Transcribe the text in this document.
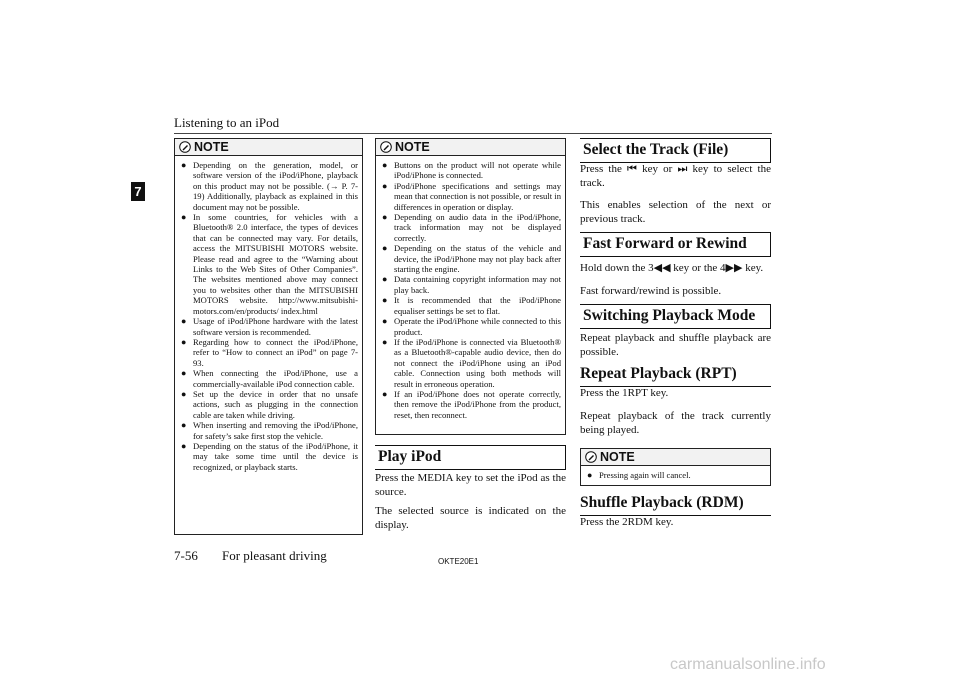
Listening to an iPod
7
NOTE
● Depending on the generation, model, or software version of the iPod/iPhone, playback on this product may not be possible. (→ P. 7-19) Additionally, playback as explained in this document may not be possible.
● In some countries, for vehicles with a Bluetooth® 2.0 interface, the types of devices that can be connected may vary. For details, access the MITSUBISHI MOTORS website. Please read and agree to the “Warning about Links to the Web Sites of Other Companies”. The websites mentioned above may connect you to websites other than the MITSUBISHI MOTORS website. http://www.mitsubishi-motors.com/en/products/ index.html
● Usage of iPod/iPhone hardware with the latest software version is recommended.
● Regarding how to connect the iPod/iPhone, refer to “How to connect an iPod” on page 7-93.
● When connecting the iPod/iPhone, use a commercially-available iPod connection cable.
● Set up the device in order that no unsafe actions, such as plugging in the connection cable are taken while driving.
● When inserting and removing the iPod/iPhone, for safety’s sake first stop the vehicle.
● Depending on the status of the iPod/iPhone, it may take some time until the device is recognized, or playback starts.
NOTE
● Buttons on the product will not operate while iPod/iPhone is connected.
● iPod/iPhone specifications and settings may mean that connection is not possible, or result in differences in operation or display.
● Depending on audio data in the iPod/iPhone, track information may not be displayed correctly.
● Depending on the status of the vehicle and device, the iPod/iPhone may not play back after starting the engine.
● Data containing copyright information may not play back.
● It is recommended that the iPod/iPhone equaliser settings be set to flat.
● Operate the iPod/iPhone while connected to this product.
● If the iPod/iPhone is connected via Bluetooth® as a Bluetooth®-capable audio device, then do not connect the iPod/iPhone using an iPod cable. Connection using both methods will result in erroneous operation.
● If an iPod/iPhone does not operate correctly, then remove the iPod/iPhone from the product, reset, then reconnect.
Play iPod

Press the MEDIA key to set the iPod as the source.

The selected source is indicated on the display.

Select the Track (File)

Press the ⏮ key or ⏭ key to select the track.

This enables selection of the next or previous track.

Fast Forward or Rewind

Hold down the 3◀◀ key or the 4▶▶ key.

Fast forward/rewind is possible.

Switching Playback Mode

Repeat playback and shuffle playback are possible.

Repeat Playback (RPT)

Press the 1RPT key.

Repeat playback of the track currently being played.

NOTE
● Pressing again will cancel.
Shuffle Playback (RDM)

Press the 2RDM key.

7-56 For pleasant driving	OKTE20E1
carmanualsonline.info
